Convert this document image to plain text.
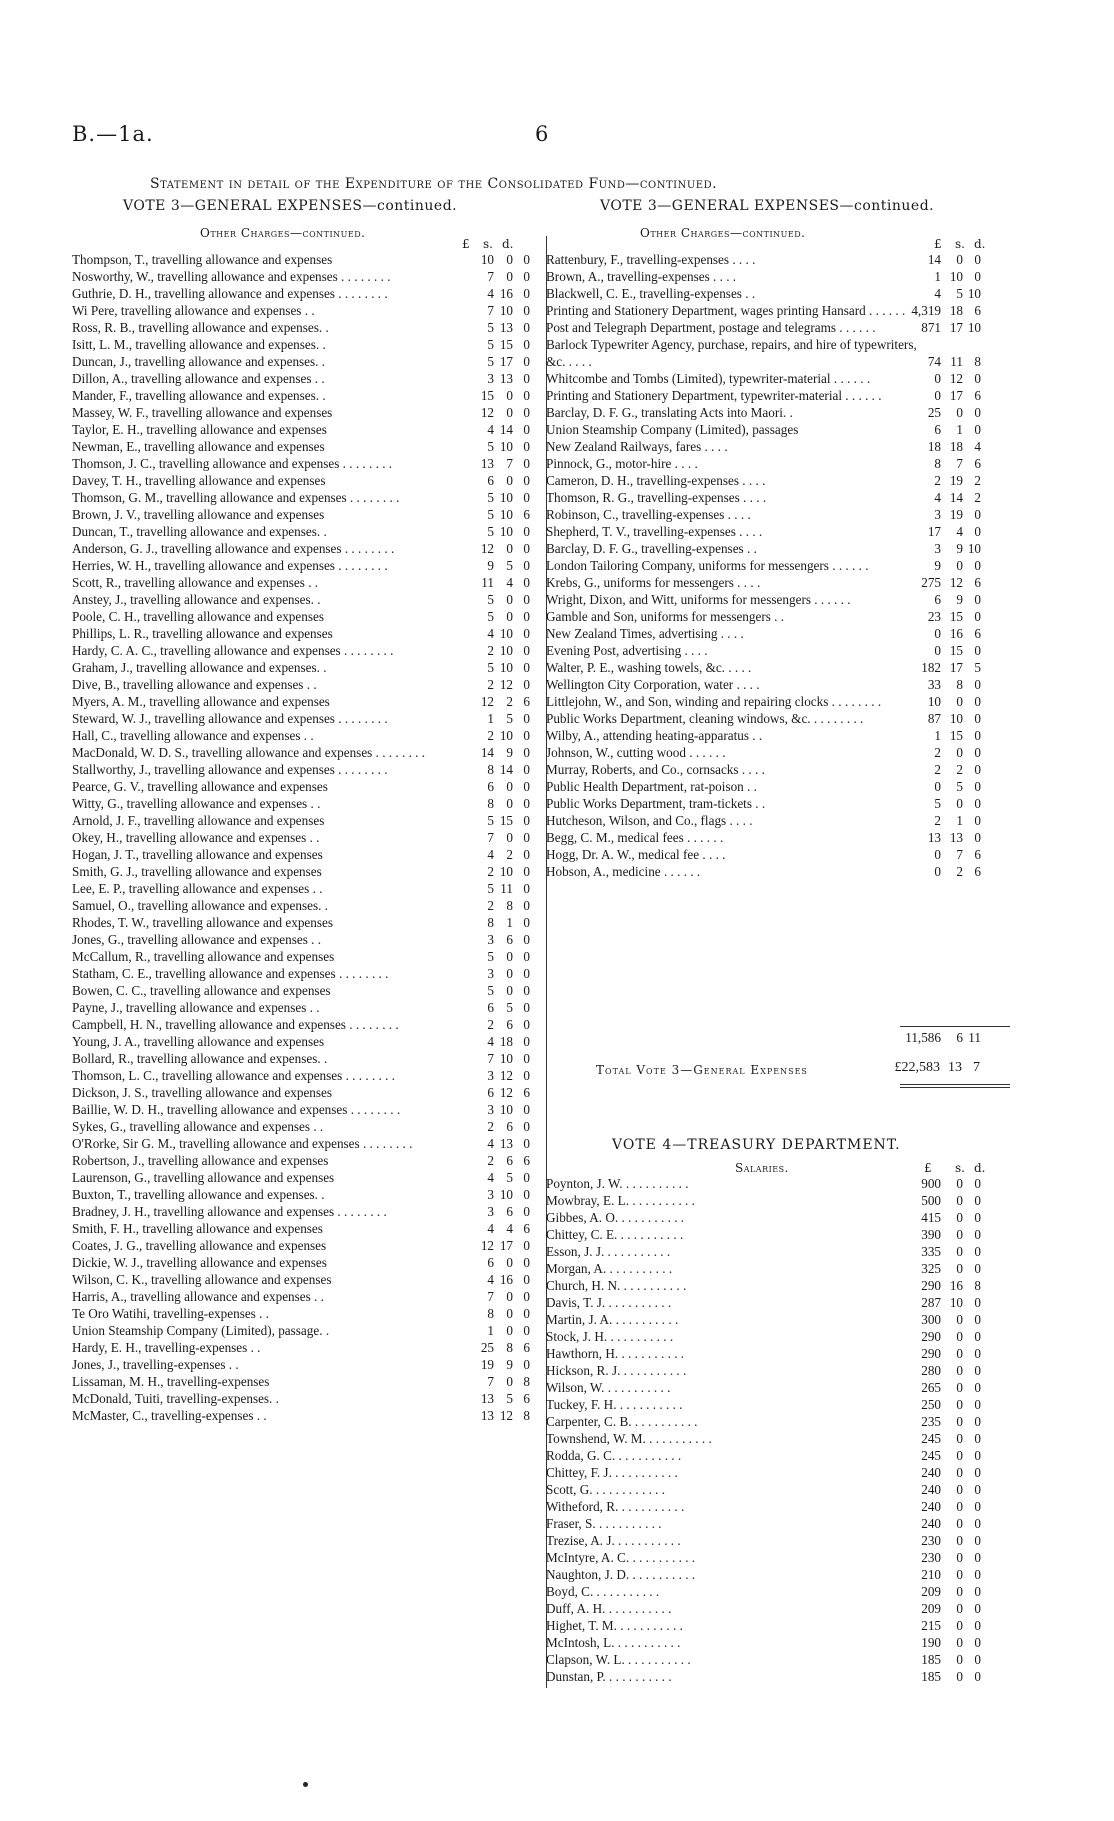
B.—1a.	6
Statement in detail of the Expenditure of the Consolidated Fund—continued.
VOTE 3—GENERAL EXPENSES—continued.	VOTE 3—GENERAL EXPENSES—continued.
Other Charges—continued.	Other Charges—continued.
£ s. d.	£ s. d.
Thompson, T., travelling allowance and expenses	10 0 0
Nosworthy, W., travelling allowance and expenses . . . . . . . .	7 0 0
Guthrie, D. H., travelling allowance and expenses . . . . . . . .	4 16 0
Wi Pere, travelling allowance and expenses . .	7 10 0
Ross, R. B., travelling allowance and expenses. .	5 13 0
Isitt, L. M., travelling allowance and expenses. .	5 15 0
Duncan, J., travelling allowance and expenses. .	5 17 0
Dillon, A., travelling allowance and expenses . .	3 13 0
Mander, F., travelling allowance and expenses. .	15 0 0
Massey, W. F., travelling allowance and expenses	12 0 0
Taylor, E. H., travelling allowance and expenses	4 14 0
Newman, E., travelling allowance and expenses	5 10 0
Thomson, J. C., travelling allowance and expenses . . . . . . . .	13 7 0
Davey, T. H., travelling allowance and expenses	6 0 0
Thomson, G. M., travelling allowance and expenses . . . . . . . .	5 10 0
Brown, J. V., travelling allowance and expenses	5 10 6
Duncan, T., travelling allowance and expenses. .	5 10 0
Anderson, G. J., travelling allowance and expenses . . . . . . . .	12 0 0
Herries, W. H., travelling allowance and expenses . . . . . . . .	9 5 0
Scott, R., travelling allowance and expenses . .	11 4 0
Anstey, J., travelling allowance and expenses. .	5 0 0
Poole, C. H., travelling allowance and expenses	5 0 0
Phillips, L. R., travelling allowance and expenses	4 10 0
Hardy, C. A. C., travelling allowance and expenses . . . . . . . .	2 10 0
Graham, J., travelling allowance and expenses. .	5 10 0
Dive, B., travelling allowance and expenses . .	2 12 0
Myers, A. M., travelling allowance and expenses	12 2 6
Steward, W. J., travelling allowance and expenses . . . . . . . .	1 5 0
Hall, C., travelling allowance and expenses . .	2 10 0
MacDonald, W. D. S., travelling allowance and expenses . . . . . . . .	14 9 0
Stallworthy, J., travelling allowance and expenses . . . . . . . .	8 14 0
Pearce, G. V., travelling allowance and expenses	6 0 0
Witty, G., travelling allowance and expenses . .	8 0 0
Arnold, J. F., travelling allowance and expenses	5 15 0
Okey, H., travelling allowance and expenses . .	7 0 0
Hogan, J. T., travelling allowance and expenses	4 2 0
Smith, G. J., travelling allowance and expenses	2 10 0
Lee, E. P., travelling allowance and expenses . .	5 11 0
Samuel, O., travelling allowance and expenses. .	2 8 0
Rhodes, T. W., travelling allowance and expenses	8 1 0
Jones, G., travelling allowance and expenses . .	3 6 0
McCallum, R., travelling allowance and expenses	5 0 0
Statham, C. E., travelling allowance and expenses . . . . . . . .	3 0 0
Bowen, C. C., travelling allowance and expenses	5 0 0
Payne, J., travelling allowance and expenses . .	6 5 0
Campbell, H. N., travelling allowance and expenses . . . . . . . .	2 6 0
Young, J. A., travelling allowance and expenses	4 18 0
Bollard, R., travelling allowance and expenses. .	7 10 0
Thomson, L. C., travelling allowance and expenses . . . . . . . .	3 12 0
Dickson, J. S., travelling allowance and expenses	6 12 6
Baillie, W. D. H., travelling allowance and expenses . . . . . . . .	3 10 0
Sykes, G., travelling allowance and expenses . .	2 6 0
O'Rorke, Sir G. M., travelling allowance and expenses . . . . . . . .	4 13 0
Robertson, J., travelling allowance and expenses	2 6 6
Laurenson, G., travelling allowance and expenses	4 5 0
Buxton, T., travelling allowance and expenses. .	3 10 0
Bradney, J. H., travelling allowance and expenses . . . . . . . .	3 6 0
Smith, F. H., travelling allowance and expenses	4 4 6
Coates, J. G., travelling allowance and expenses	12 17 0
Dickie, W. J., travelling allowance and expenses	6 0 0
Wilson, C. K., travelling allowance and expenses	4 16 0
Harris, A., travelling allowance and expenses . .	7 0 0
Te Oro Watihi, travelling-expenses . .	8 0 0
Union Steamship Company (Limited), passage. .	1 0 0
Hardy, E. H., travelling-expenses . .	25 8 6
Jones, J., travelling-expenses . .	19 9 0
Lissaman, M. H., travelling-expenses	7 0 8
McDonald, Tuiti, travelling-expenses. .	13 5 6
McMaster, C., travelling-expenses . .	13 12 8
Rattenbury, F., travelling-expenses . . . .	14	0 0
Brown, A., travelling-expenses . . . .	1 10 0
Blackwell, C. E., travelling-expenses . .	4	5 10
Printing and Stationery Department, wages printing Hansard . . . . . . 4,319 18 6
Post and Telegraph Department, postage and telegrams . . . . . .	871 17 10
Barlock Typewriter Agency, purchase, repairs, and hire of typewriters, &c. . . . .	74 11 8
Whitcombe and Tombs (Limited), typewriter-material . . . . . .	0 12 0
Printing and Stationery Department, typewriter-material . . . . . .	0 17 6
Barclay, D. F. G., translating Acts into Maori. .	25	0 0
Union Steamship Company (Limited), passages	6	1 0
New Zealand Railways, fares . . . .	18 18 4
Pinnock, G., motor-hire . . . .	8	7 6
Cameron, D. H., travelling-expenses . . . .	2 19 2
Thomson, R. G., travelling-expenses . . . .	4 14 2
Robinson, C., travelling-expenses . . . .	3 19 0
Shepherd, T. V., travelling-expenses . . . .	17	4 0
Barclay, D. F. G., travelling-expenses . .	3	9 10
London Tailoring Company, uniforms for messengers . . . . . .	9	0 0
Krebs, G., uniforms for messengers . . . .	275 12 6
Wright, Dixon, and Witt, uniforms for messengers . . . . . .	6	9 0
Gamble and Son, uniforms for messengers . .	23 15 0
New Zealand Times, advertising . . . .	0 16 6
Evening Post, advertising . . . .	0 15 0
Walter, P. E., washing towels, &c. . . . .	182 17 5
Wellington City Corporation, water . . . .	33	8 0
Littlejohn, W., and Son, winding and repairing clocks . . . . . . . .	10	0 0
Public Works Department, cleaning windows, &c. . . . . . . . .	87 10 0
Wilby, A., attending heating-apparatus . .	1 15 0
Johnson, W., cutting wood . . . . . .	2	0 0
Murray, Roberts, and Co., cornsacks . . . .	2	2 0
Public Health Department, rat-poison . .	0	5 0
Public Works Department, tram-tickets . .	5	0 0
Hutcheson, Wilson, and Co., flags . . . .	2	1 0
Begg, C. M., medical fees . . . . . .	13 13 0
Hogg, Dr. A. W., medical fee . . . .	0	7 6
Hobson, A., medicine . . . . . .	0	2 6
11,586	6 11
Total Vote 3—General Expenses	£22,583 13 7
VOTE 4—TREASURY DEPARTMENT.
Salaries.	£ s. d.
Poynton, J. W. . . . . . . . . . .	900	0 0
Mowbray, E. L. . . . . . . . . . .	500	0 0
Gibbes, A. O. . . . . . . . . . .	415	0 0
Chittey, C. E. . . . . . . . . . .	390	0 0
Esson, J. J. . . . . . . . . . .	335	0 0
Morgan, A. . . . . . . . . . .	325	0 0
Church, H. N. . . . . . . . . . .	290 16 8
Davis, T. J. . . . . . . . . . .	287 10 0
Martin, J. A. . . . . . . . . . .	300	0 0
Stock, J. H. . . . . . . . . . .	290	0 0
Hawthorn, H. . . . . . . . . . .	290	0 0
Hickson, R. J. . . . . . . . . . .	280	0 0
Wilson, W. . . . . . . . . . .	265	0 0
Tuckey, F. H. . . . . . . . . . .	250	0 0
Carpenter, C. B. . . . . . . . . . .	235	0 0
Townshend, W. M. . . . . . . . . . .	245	0 0
Rodda, G. C. . . . . . . . . . .	245	0 0
Chittey, F. J. . . . . . . . . . .	240	0 0
Scott, G. . . . . . . . . . . .	240	0 0
Witheford, R. . . . . . . . . . .	240	0 0
Fraser, S. . . . . . . . . . .	240	0 0
Trezise, A. J. . . . . . . . . . .	230	0 0
McIntyre, A. C. . . . . . . . . . .	230	0 0
Naughton, J. D. . . . . . . . . . .	210	0 0
Boyd, C. . . . . . . . . . .	209	0 0
Duff, A. H. . . . . . . . . . .	209	0 0
Highet, T. M. . . . . . . . . . .	215	0 0
McIntosh, L. . . . . . . . . . .	190	0 0
Clapson, W. L. . . . . . . . . . .	185	0 0
Dunstan, P. . . . . . . . . . .	185	0 0
